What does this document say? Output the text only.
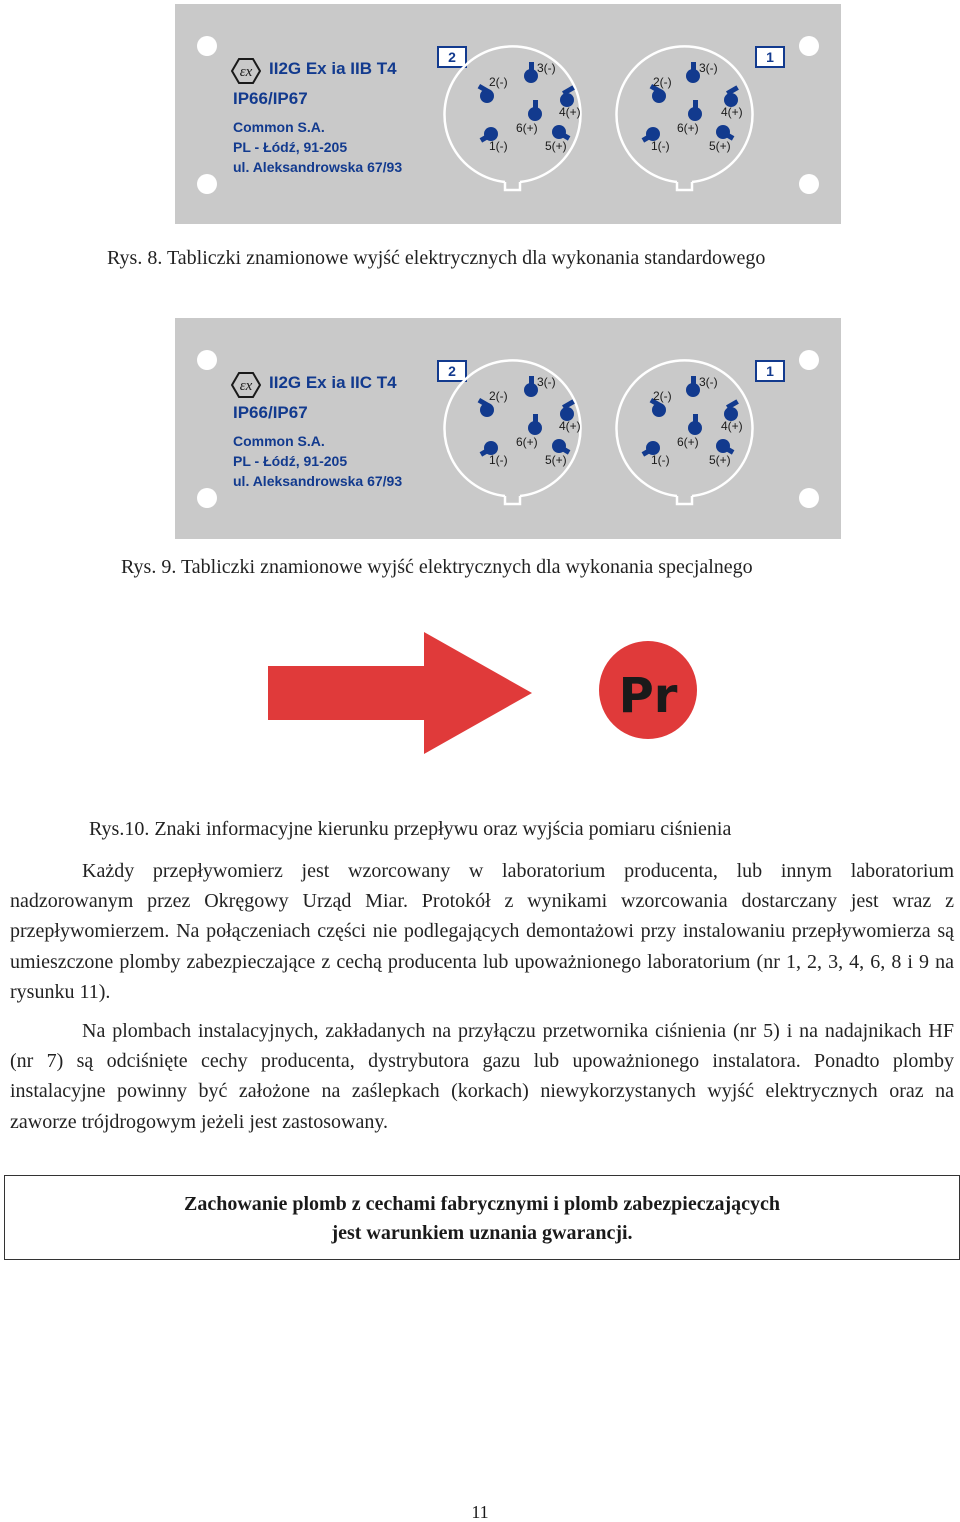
εx II2G Ex ia IIB T4
IP66/IP67
Common S.A.
PL - Łódź, 91-205
ul. Aleksandrowska 67/93
2	1
2(-)
3(-)
4(+)
6(+)
1(-)	5(+)
2(-)
3(-)
4(+)
6(+)
1(-)	5(+)
Rys. 8. Tabliczki znamionowe wyjść elektrycznych dla wykonania standardowego
εx II2G Ex ia IIC T4
IP66/IP67
Common S.A.
PL - Łódź, 91-205
ul. Aleksandrowska 67/93
2	1
2(-)
3(-)
4(+)
6(+)
1(-)	5(+)
2(-)
3(-)
4(+)
6(+)
1(-)	5(+)
Rys. 9. Tabliczki znamionowe wyjść elektrycznych dla wykonania specjalnego
Pr
Rys.10. Znaki informacyjne kierunku przepływu oraz wyjścia pomiaru ciśnienia

Każdy przepływomierz jest wzorcowany w laboratorium producenta, lub innym laboratorium nadzorowanym przez Okręgowy Urząd Miar. Protokół z wynikami wzorcowania dostarczany jest wraz z przepływomierzem. Na połączeniach części nie podlegających demontażowi przy instalowaniu przepływomierza są umieszczone plomby zabezpieczające z cechą producenta lub upoważnionego laboratorium (nr 1, 2, 3, 4, 6, 8 i 9 na rysunku 11).

Na plombach instalacyjnych, zakładanych na przyłączu przetwornika ciśnienia (nr 5) i na nadajnikach HF (nr 7) są odciśnięte cechy producenta, dystrybutora gazu lub upoważnionego instalatora. Ponadto plomby instalacyjne powinny być założone na zaślepkach (korkach) niewykorzystanych wyjść elektrycznych oraz na zaworze trójdrogowym jeżeli jest zastosowany.

Zachowanie plomb z cechami fabrycznymi i plomb zabezpieczających
jest warunkiem uznania gwarancji.
11
